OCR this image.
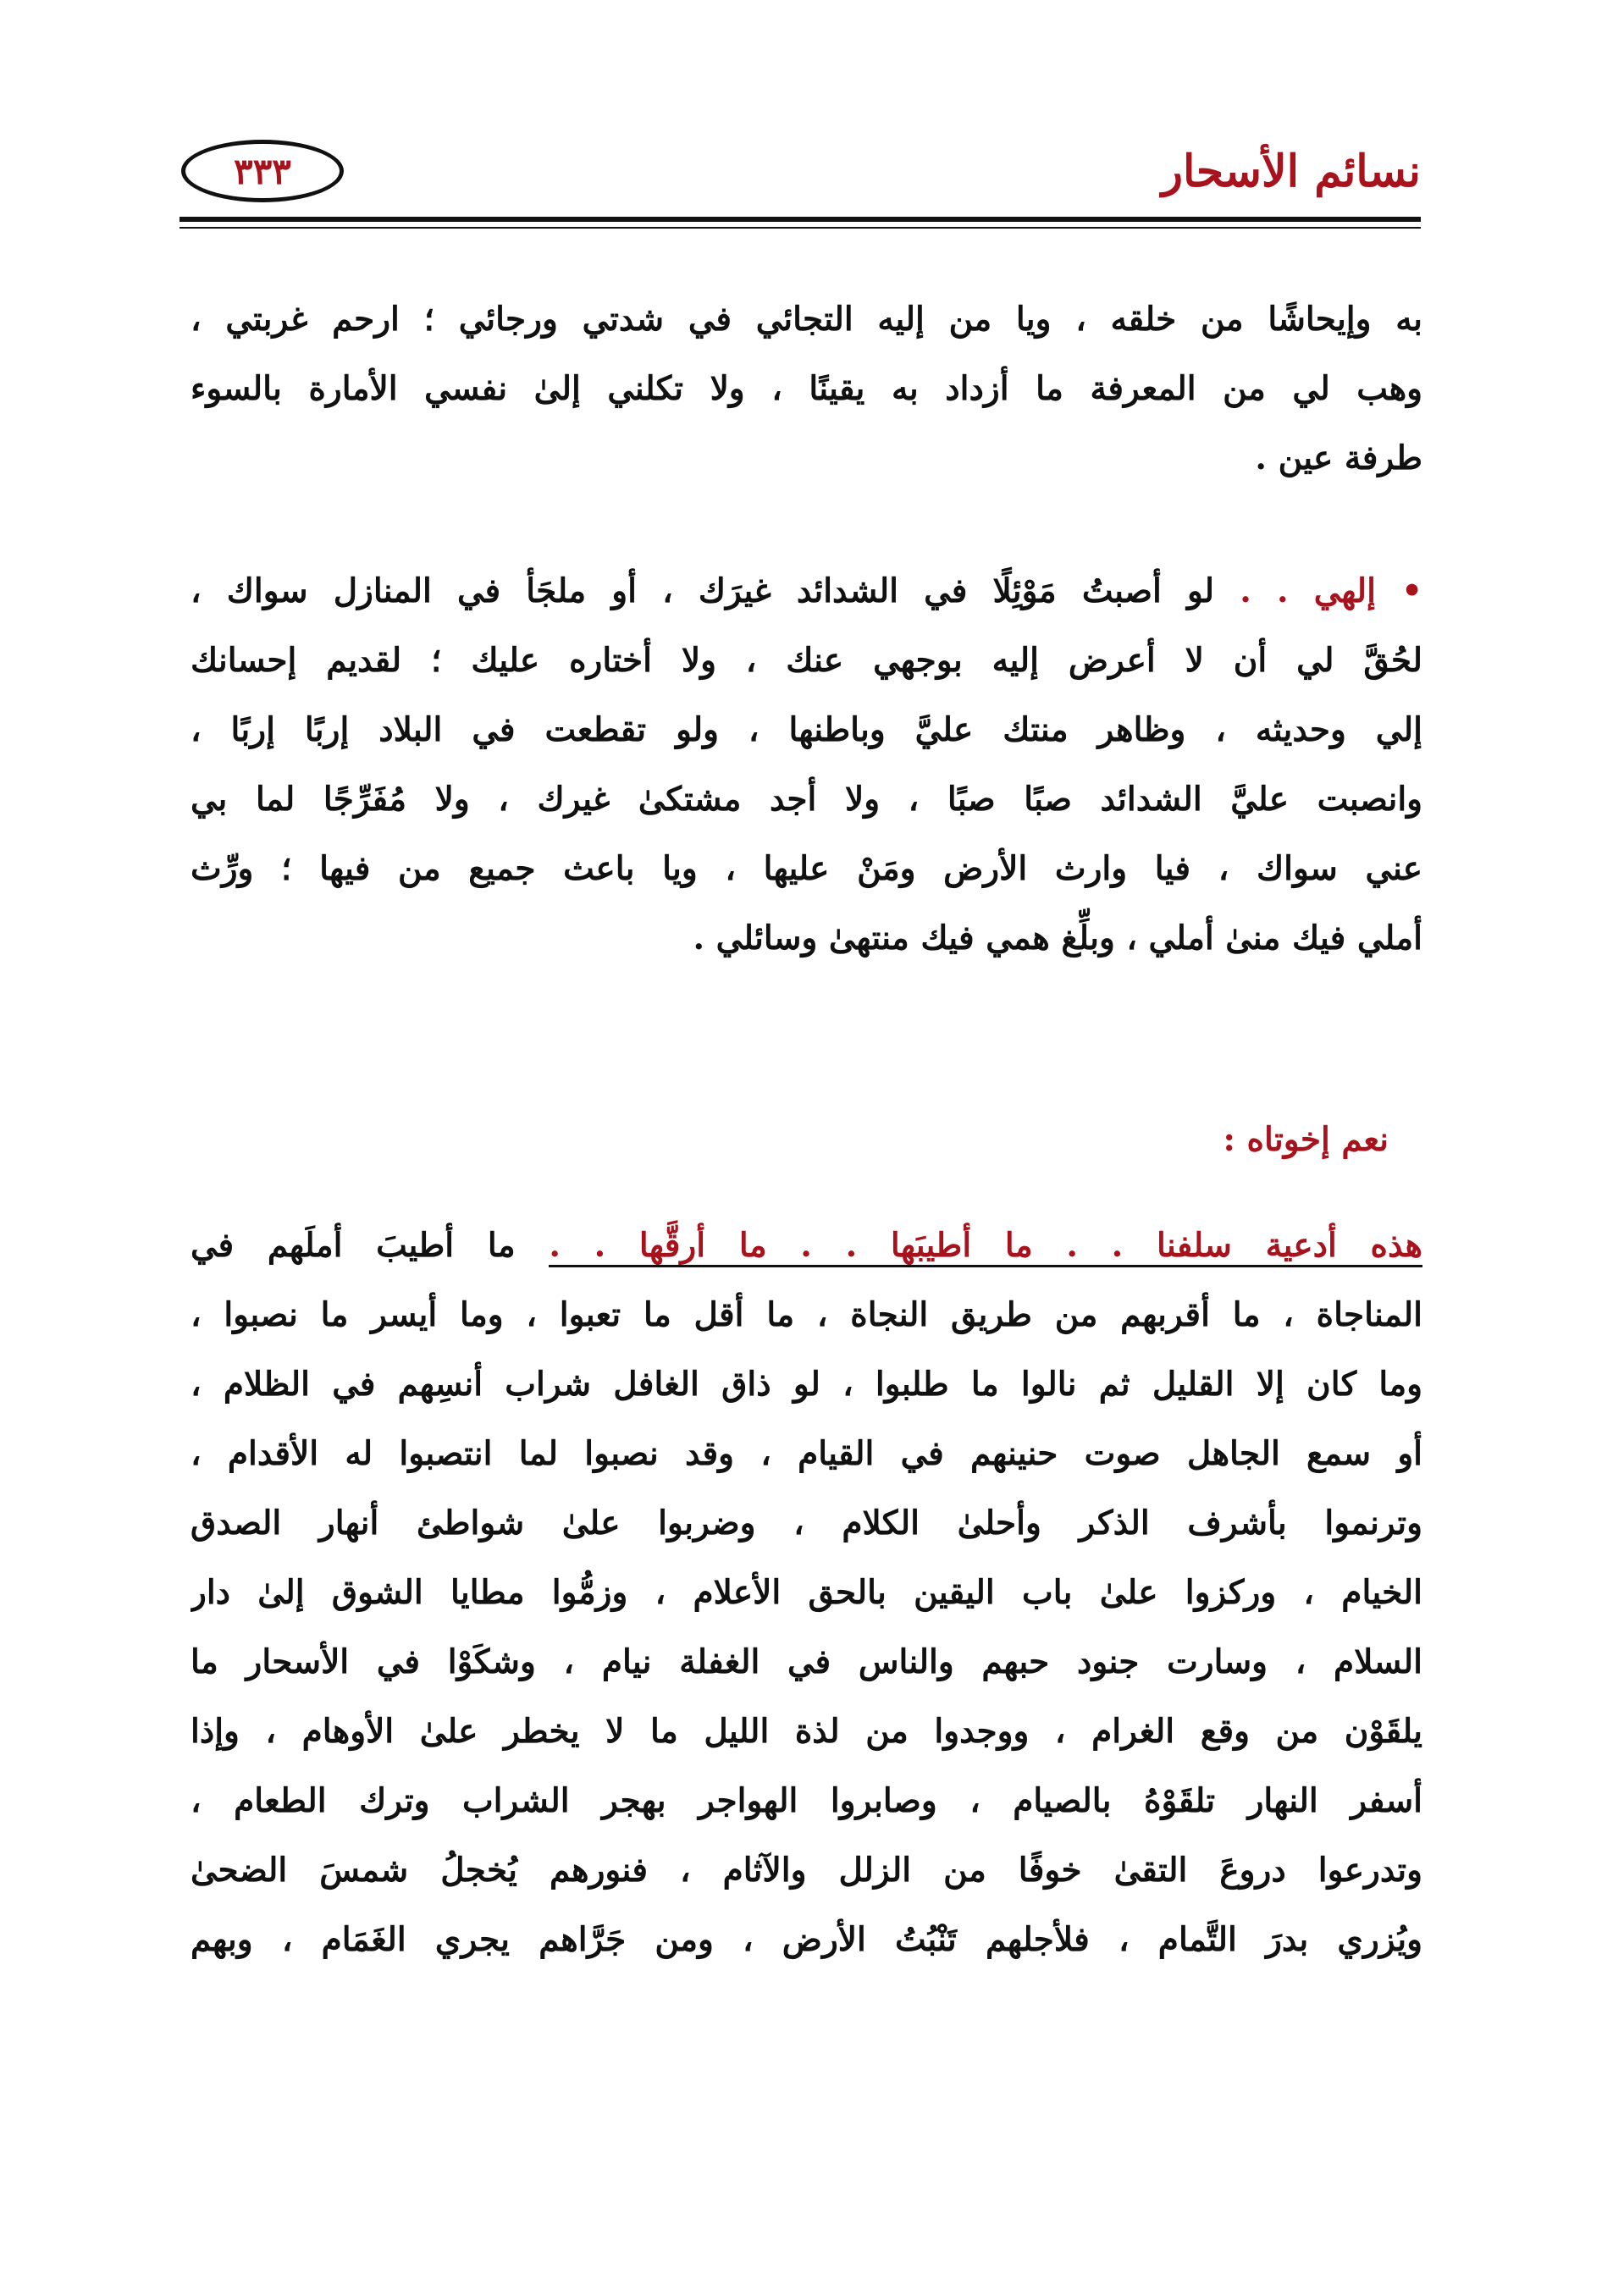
نسائم الأسحار
٣٣٣
به وإيحاشًا من خلقه ، ويا من إليه التجائي في شدتي ورجائي ؛ ارحم غربتي ،
وهب لي من المعرفة ما أزداد به يقينًا ، ولا تكلني إلىٰ نفسي الأمارة بالسوء
طرفة عين .
• إلهي . . لو أصبتُ مَوْئِلًا في الشدائد غيرَك ، أو ملجَأ في المنازل سواك ،
لحُقَّ لي أن لا أعرض إليه بوجهي عنك ، ولا أختاره عليك ؛ لقديم إحسانك
إلي وحديثه ، وظاهر منتك عليَّ وباطنها ، ولو تقطعت في البلاد إربًا إربًا ،
وانصبت عليَّ الشدائد صبًا صبًا ، ولا أجد مشتكىٰ غيرك ، ولا مُفَرِّجًا لما بي
عني سواك ، فيا وارث الأرض ومَنْ عليها ، ويا باعث جميع من فيها ؛ ورِّث
أملي فيك منىٰ أملي ، وبلِّغ همي فيك منتهىٰ وسائلي .
نعم إخوتاه :
هذه أدعية سلفنا . . ما أطيبَها . . ما أرقَّها . . ما أطيبَ أملَهم في
المناجاة ، ما أقربهم من طريق النجاة ، ما أقل ما تعبوا ، وما أيسر ما نصبوا ،
وما كان إلا القليل ثم نالوا ما طلبوا ، لو ذاق الغافل شراب أنسِهم في الظلام ،
أو سمع الجاهل صوت حنينهم في القيام ، وقد نصبوا لما انتصبوا له الأقدام ،
وترنموا بأشرف الذكر وأحلىٰ الكلام ، وضربوا علىٰ شواطئ أنهار الصدق
الخيام ، وركزوا علىٰ باب اليقين بالحق الأعلام ، وزمُّوا مطايا الشوق إلىٰ دار
السلام ، وسارت جنود حبهم والناس في الغفلة نيام ، وشكَوْا في الأسحار ما
يلقَوْن من وقع الغرام ، ووجدوا من لذة الليل ما لا يخطر علىٰ الأوهام ، وإذا
أسفر النهار تلقَوْهُ بالصيام ، وصابروا الهواجر بهجر الشراب وترك الطعام ،
وتدرعوا دروعَ التقىٰ خوفًا من الزلل والآثام ، فنورهم يُخجلُ شمسَ الضحىٰ
ويُزري بدرَ التَّمام ، فلأجلهم تَنْبُتُ الأرض ، ومن جَرَّاهم يجري الغَمَام ، وبهم
